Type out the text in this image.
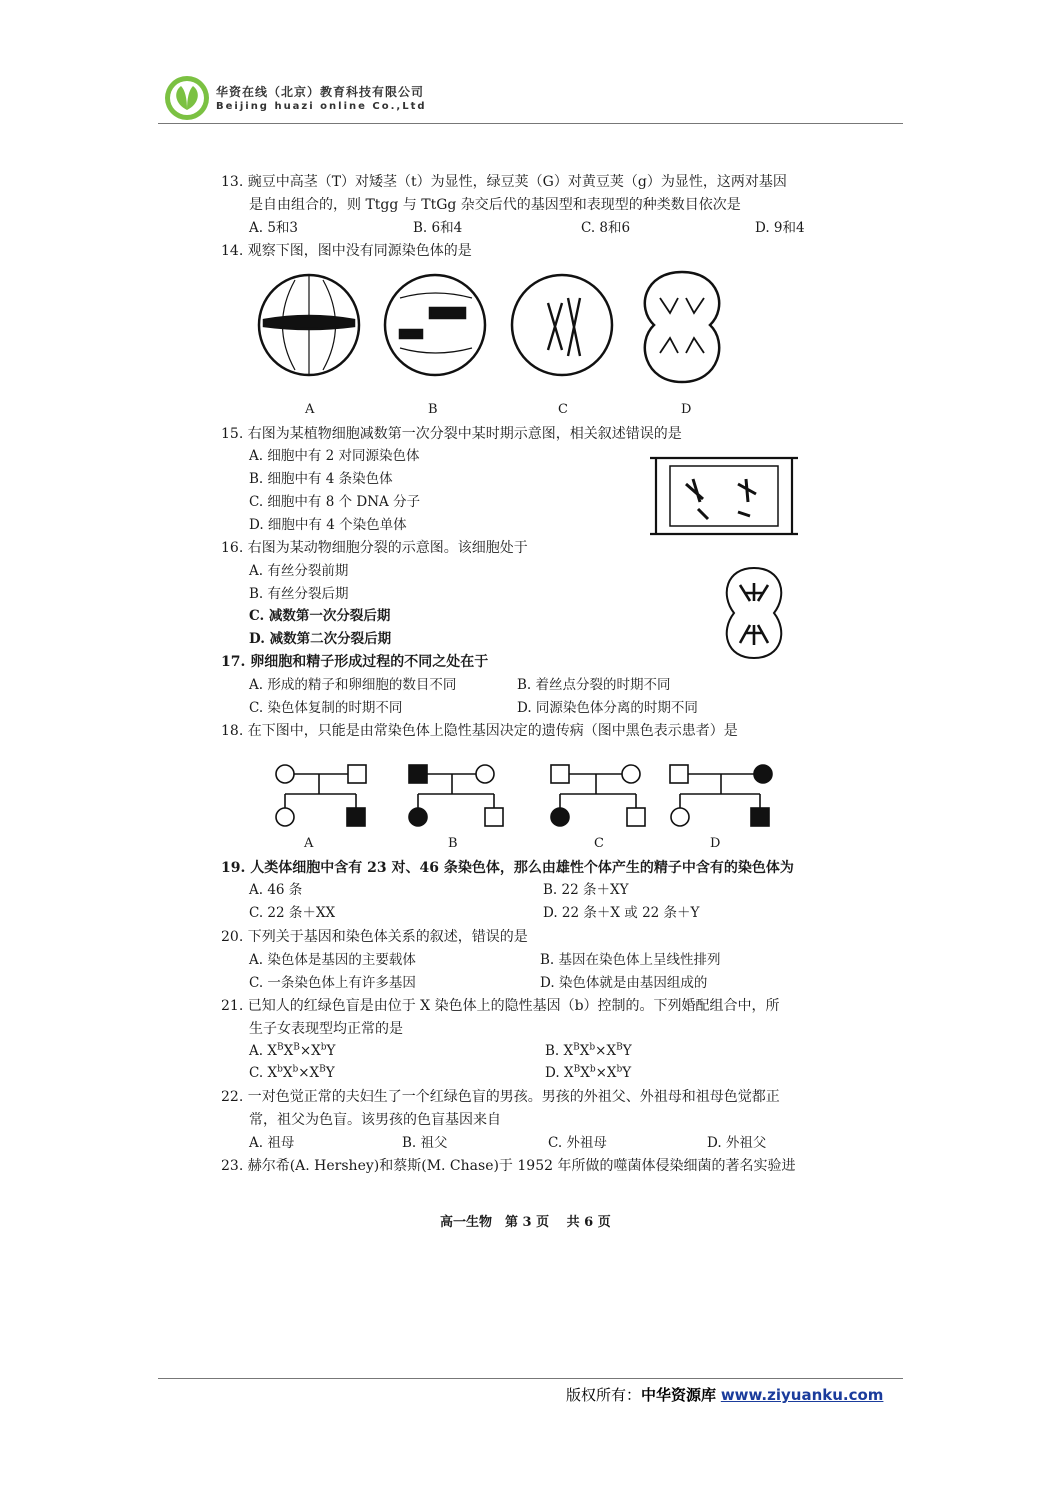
华资在线（北京）教育科技有限公司
Beijing huazi online Co.,Ltd
13. 豌豆中高茎（T）对矮茎（t）为显性，绿豆荚（G）对黄豆荚（g）为显性，这两对基因
是自由组合的，则 Ttgg 与 TtGg 杂交后代的基因型和表现型的种类数目依次是
A. 5和3	B. 6和4	C. 8和6	D. 9和4
14. 观察下图，图中没有同源染色体的是
A	B	C	D
15. 右图为某植物细胞减数第一次分裂中某时期示意图，相关叙述错误的是
A. 细胞中有 2 对同源染色体
B. 细胞中有 4 条染色体
C. 细胞中有 8 个 DNA 分子
D. 细胞中有 4 个染色单体
16. 右图为某动物细胞分裂的示意图。该细胞处于
A. 有丝分裂前期
B. 有丝分裂后期
C. 减数第一次分裂后期
D. 减数第二次分裂后期
17. 卵细胞和精子形成过程的不同之处在于
A. 形成的精子和卵细胞的数目不同	B. 着丝点分裂的时期不同
C. 染色体复制的时期不同	D. 同源染色体分离的时期不同
18. 在下图中，只能是由常染色体上隐性基因决定的遗传病（图中黑色表示患者）是
A	B	C	D
19. 人类体细胞中含有 23 对、46 条染色体，那么由雄性个体产生的精子中含有的染色体为
A. 46 条	B. 22 条＋XY
C. 22 条＋XX	D. 22 条＋X 或 22 条＋Y
20. 下列关于基因和染色体关系的叙述，错误的是
A. 染色体是基因的主要载体	B. 基因在染色体上呈线性排列
C. 一条染色体上有许多基因	D. 染色体就是由基因组成的
21. 已知人的红绿色盲是由位于 X 染色体上的隐性基因（b）控制的。下列婚配组合中，所
生子女表现型均正常的是
A. $X^BX^B\times X^bY$	B. $X^BX^b\times X^BY$
C. $X^bX^b\times X^BY$	D. $X^BX^b\times X^bY$
22. 一对色觉正常的夫妇生了一个红绿色盲的男孩。男孩的外祖父、外祖母和祖母色觉都正
常，祖父为色盲。该男孩的色盲基因来自
A. 祖母	B. 祖父	C. 外祖母	D. 外祖父
23. 赫尔希(A. Hershey)和蔡斯(M. Chase)于 1952 年所做的噬菌体侵染细菌的著名实验进
高一生物　第 3 页　 共 6 页
版权所有：中华资源库 www.ziyuanku.com
